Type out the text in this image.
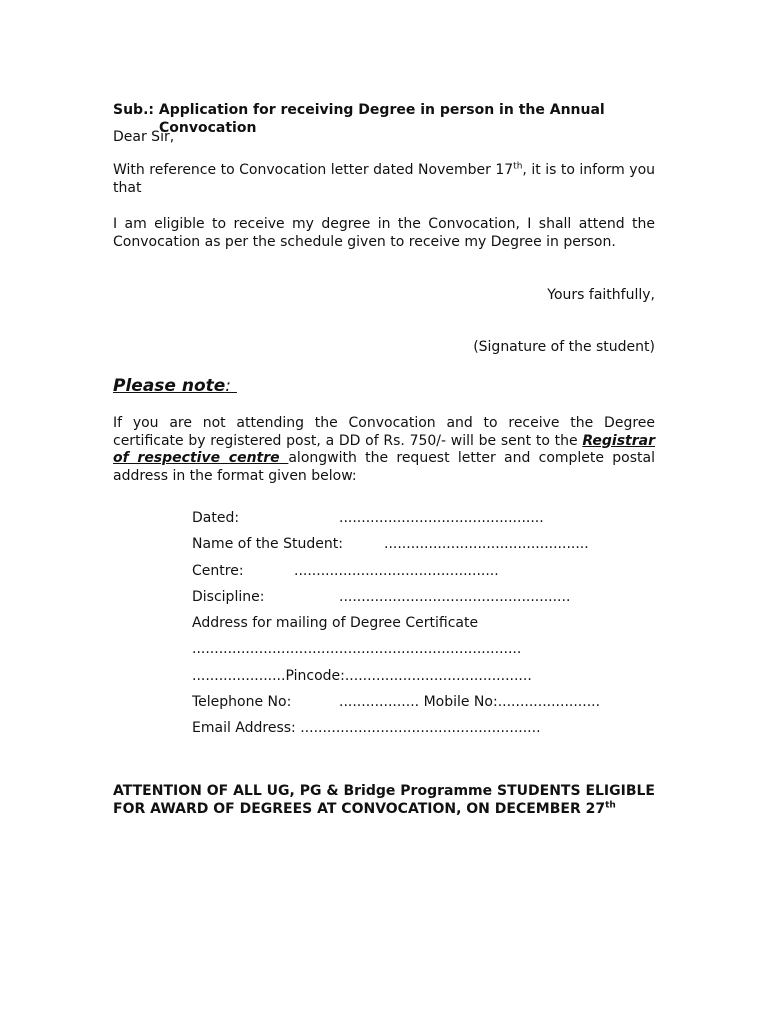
Sub.: Application for receiving Degree in person in the Annual
Convocation
Dear Sir,
With reference to Convocation letter dated November 17th, it is to inform you that
I am eligible to receive my degree in the Convocation, I shall attend the Convocation as per the schedule given to receive my Degree in person.
Yours faithfully,
(Signature of the student)
Please note:
If you are not attending the Convocation and to receive the Degree certificate by registered post, a DD of Rs. 750/- will be sent to the Registrar of respective centre alongwith the request letter and complete postal address in the format given below:
Dated:	..............................................
Name of the Student:	..............................................
Centre:	..............................................
Discipline:	....................................................
Address for mailing of Degree Certificate
..........................................................................
.....................Pincode:..........................................
Telephone No:	.................. Mobile No:.......................
Email Address: ......................................................
ATTENTION OF ALL UG, PG & Bridge Programme STUDENTS ELIGIBLE FOR AWARD OF DEGREES AT CONVOCATION, ON DECEMBER 27th
